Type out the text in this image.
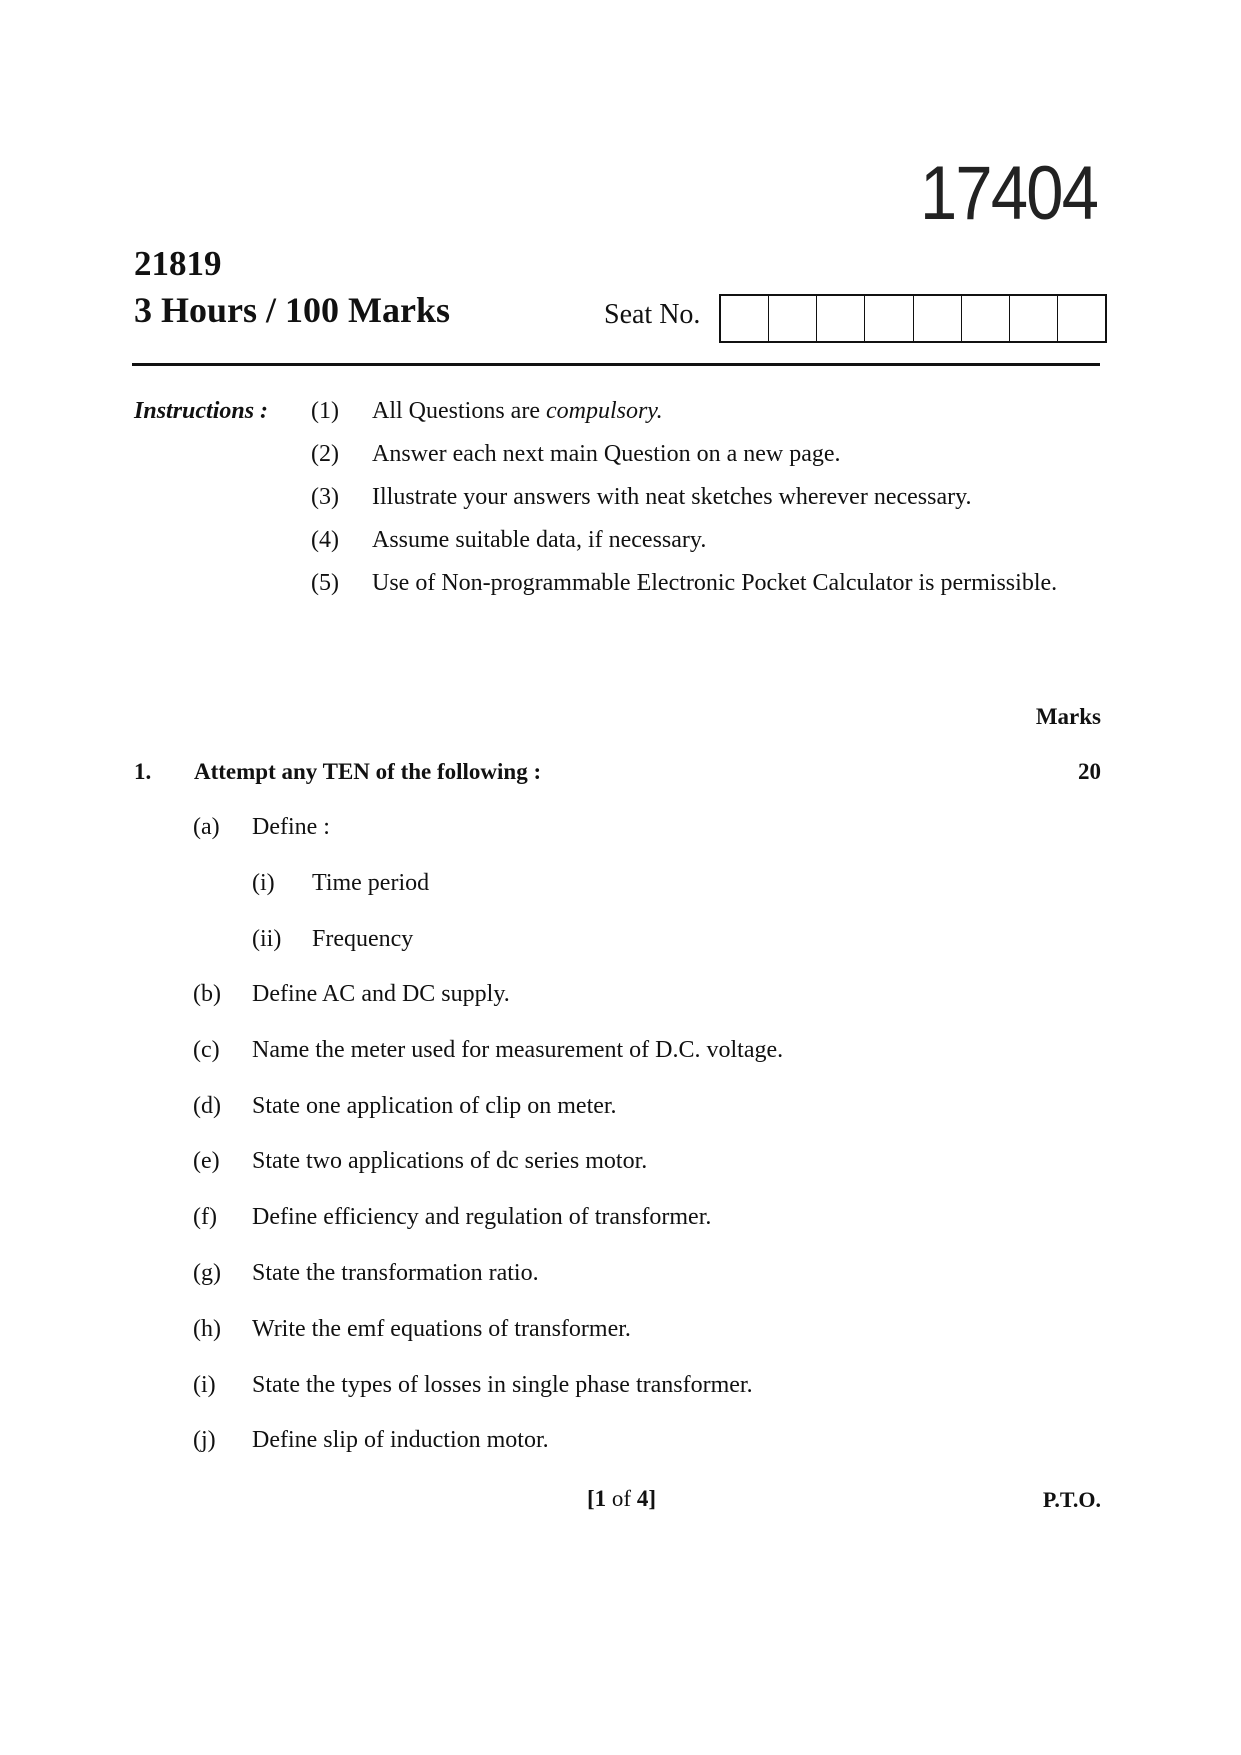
17404
21819
3 Hours / 100 Marks	Seat No.
Instructions : (1) All Questions are compulsory.
(2) Answer each next main Question on a new page.
(3) Illustrate your answers with neat sketches wherever necessary.
(4) Assume suitable data, if necessary.
(5) Use of Non-programmable Electronic Pocket Calculator is permissible.
Marks
1. Attempt any TEN of the following :	20
(a) Define :
(i) Time period
(ii) Frequency
(b) Define AC and DC supply.
(c) Name the meter used for measurement of D.C. voltage.
(d) State one application of clip on meter.
(e) State two applications of dc series motor.
(f) Define efficiency and regulation of transformer.
(g) State the transformation ratio.
(h) Write the emf equations of transformer.
(i) State the types of losses in single phase transformer.
(j) Define slip of induction motor.
[1 of 4]	P.T.O.
